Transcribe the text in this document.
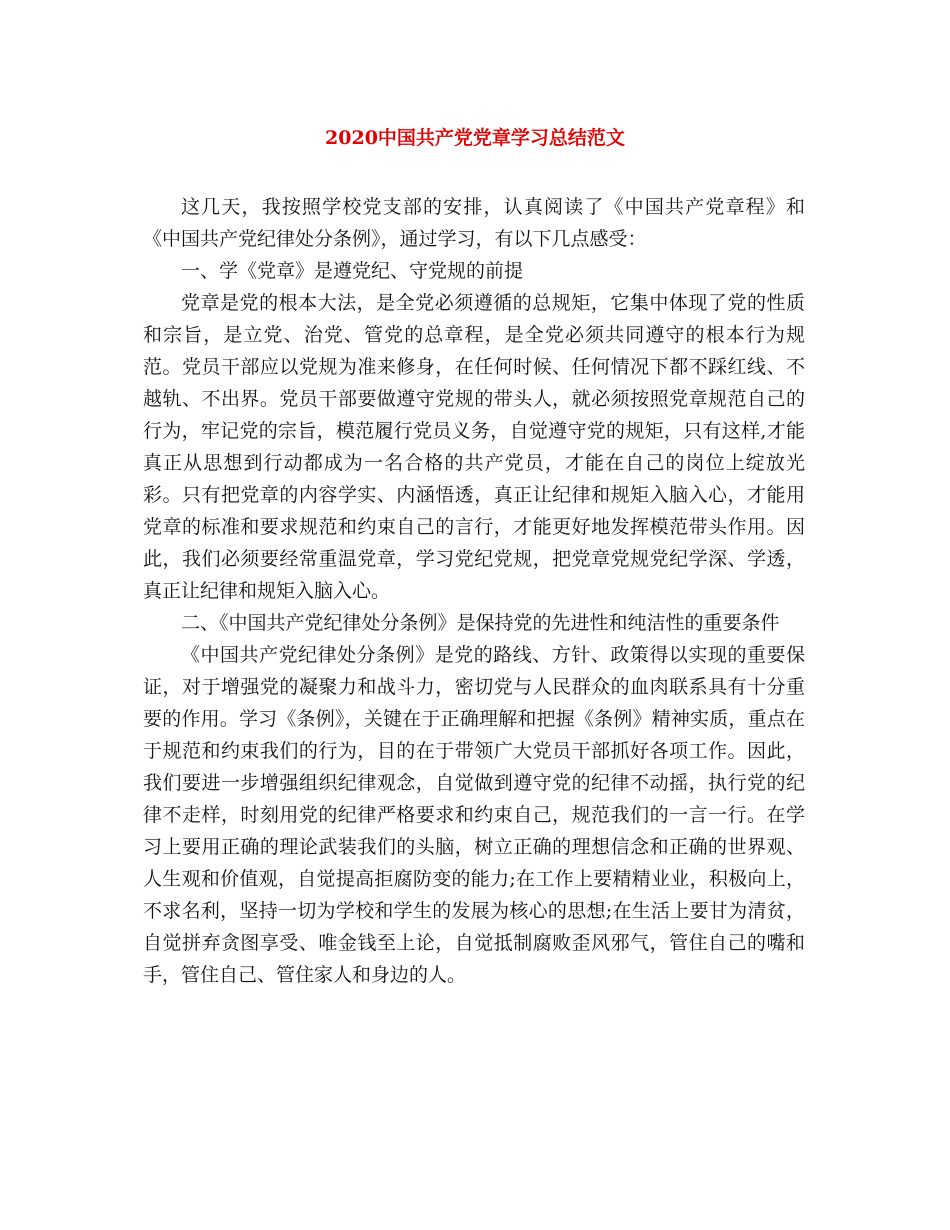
2020中国共产党党章学习总结范文

这几天，我按照学校党支部的安排，认真阅读了《中国共产党章程》和《中国共产党纪律处分条例》，通过学习，有以下几点感受：

一、学《党章》是遵党纪、守党规的前提

党章是党的根本大法，是全党必须遵循的总规矩，它集中体现了党的性质和宗旨，是立党、治党、管党的总章程，是全党必须共同遵守的根本行为规范。党员干部应以党规为准来修身，在任何时候、任何情况下都不踩红线、不越轨、不出界。党员干部要做遵守党规的带头人，就必须按照党章规范自己的行为，牢记党的宗旨，模范履行党员义务，自觉遵守党的规矩，只有这样,才能真正从思想到行动都成为一名合格的共产党员，才能在自己的岗位上绽放光彩。只有把党章的内容学实、内涵悟透，真正让纪律和规矩入脑入心，才能用党章的标准和要求规范和约束自己的言行，才能更好地发挥模范带头作用。因此，我们必须要经常重温党章，学习党纪党规，把党章党规党纪学深、学透，真正让纪律和规矩入脑入心。

二、《中国共产党纪律处分条例》是保持党的先进性和纯洁性的重要条件

《中国共产党纪律处分条例》是党的路线、方针、政策得以实现的重要保证，对于增强党的凝聚力和战斗力，密切党与人民群众的血肉联系具有十分重要的作用。学习《条例》，关键在于正确理解和把握《条例》精神实质，重点在于规范和约束我们的行为，目的在于带领广大党员干部抓好各项工作。因此，我们要进一步增强组织纪律观念，自觉做到遵守党的纪律不动摇，执行党的纪律不走样，时刻用党的纪律严格要求和约束自己，规范我们的一言一行。在学习上要用正确的理论武装我们的头脑，树立正确的理想信念和正确的世界观、人生观和价值观，自觉提高拒腐防变的能力;在工作上要精精业业，积极向上，不求名利，坚持一切为学校和学生的发展为核心的思想;在生活上要甘为清贫，自觉拼弃贪图享受、唯金钱至上论，自觉抵制腐败歪风邪气，管住自己的嘴和手，管住自己、管住家人和身边的人。
